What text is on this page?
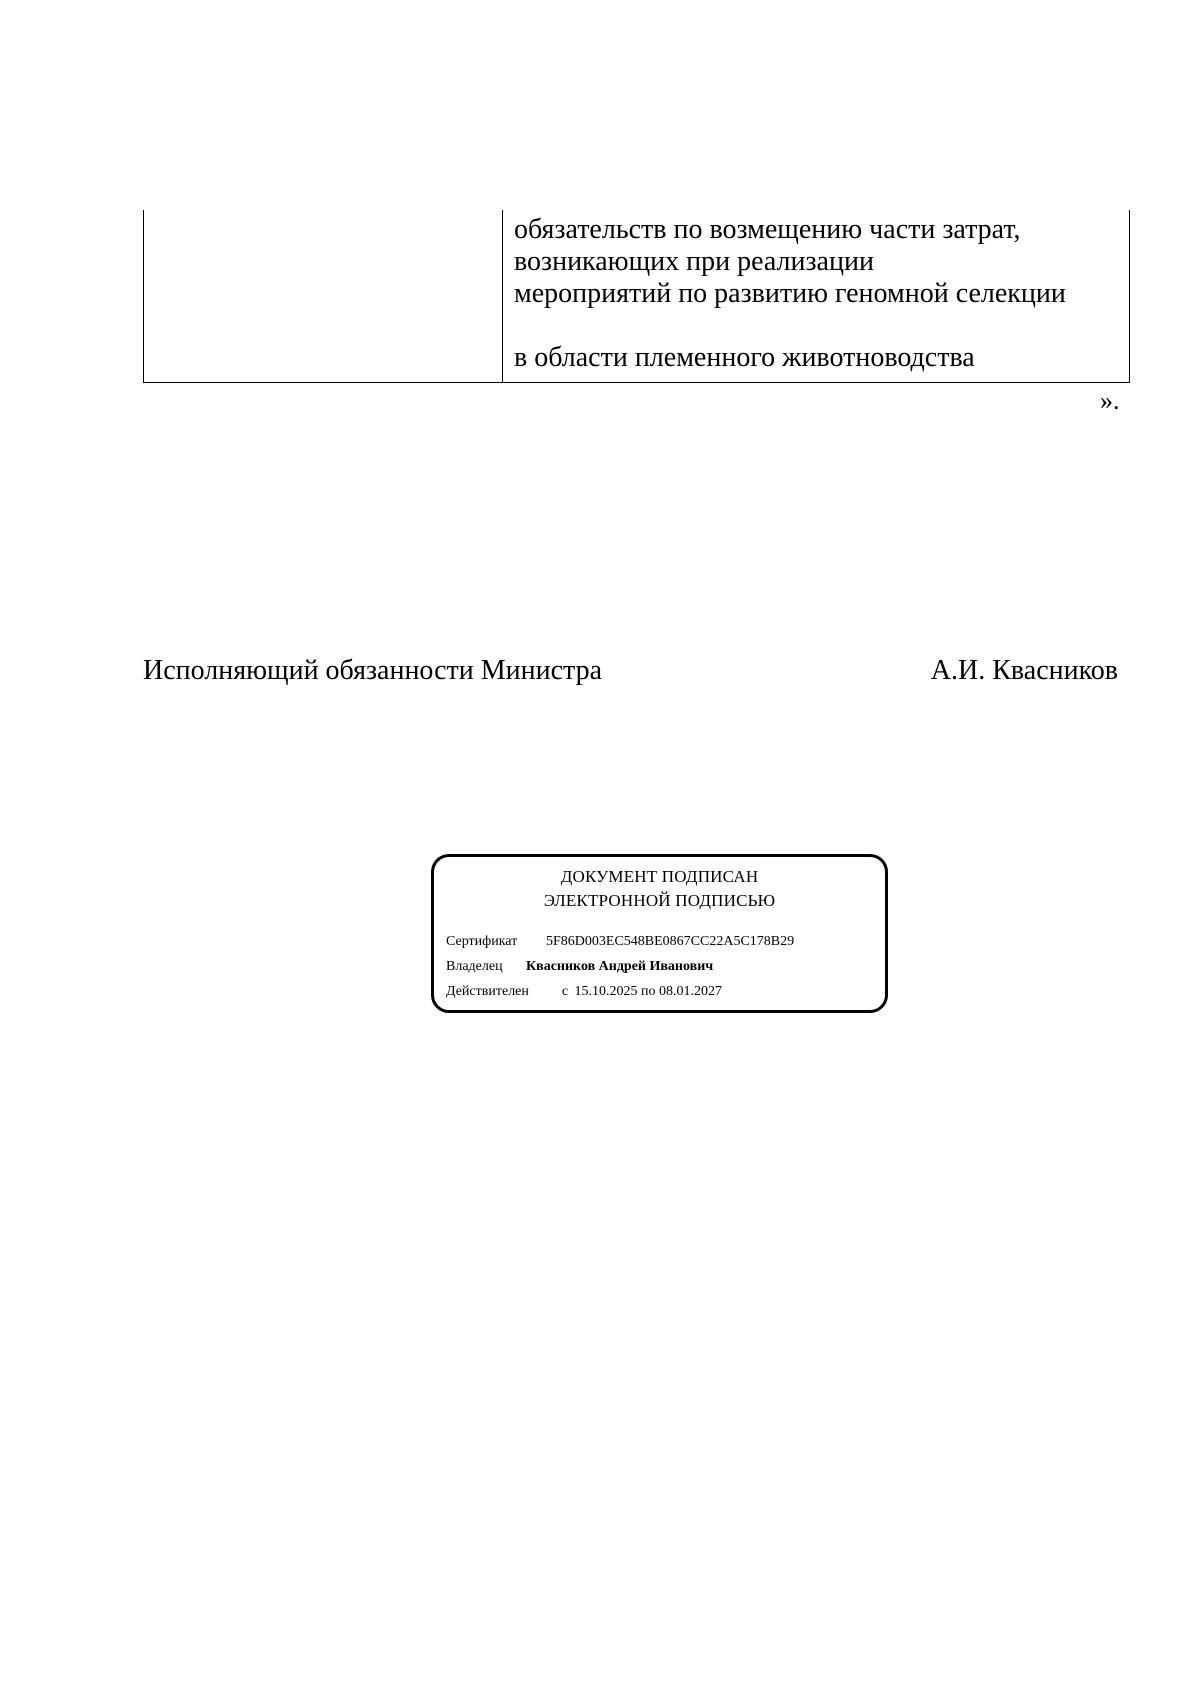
обязательств по возмещению части затрат,
возникающих при реализации
мероприятий по развитию геномной селекции
в области племенного животноводства
».
Исполняющий обязанности Министра	А.И. Квасников
ДОКУМЕНТ ПОДПИСАН
ЭЛЕКТРОННОЙ ПОДПИСЬЮ
Сертификат 5F86D003EC548BE0867CC22A5C178B29
Владелец Квасников Андрей Иванович
Действителен с 15.10.2025 по 08.01.2027
